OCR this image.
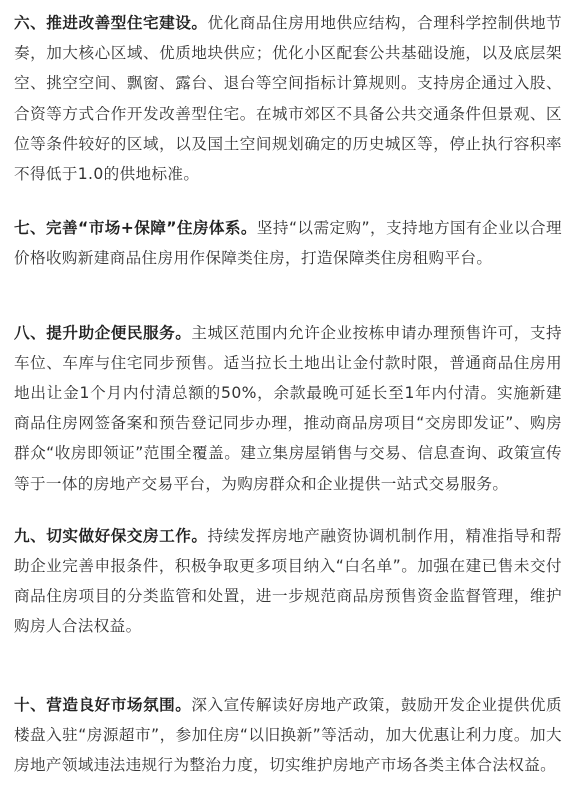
六、推进改善型住宅建设。优化商品住房用地供应结构，合理科学控制供地节奏，加大核心区域、优质地块供应；优化小区配套公共基础设施，以及底层架空、挑空空间、飘窗、露台、退台等空间指标计算规则。支持房企通过入股、合资等方式合作开发改善型住宅。在城市郊区不具备公共交通条件但景观、区位等条件较好的区域，以及国土空间规划确定的历史城区等，停止执行容积率不得低于1.0的供地标准。

七、完善“市场+保障”住房体系。坚持“以需定购”，支持地方国有企业以合理价格收购新建商品住房用作保障类住房，打造保障类住房租购平台。

八、提升助企便民服务。主城区范围内允许企业按栋申请办理预售许可，支持车位、车库与住宅同步预售。适当拉长土地出让金付款时限，普通商品住房用地出让金1个月内付清总额的50%，余款最晚可延长至1年内付清。实施新建商品住房网签备案和预告登记同步办理，推动商品房项目“交房即发证”、购房群众“收房即领证”范围全覆盖。建立集房屋销售与交易、信息查询、政策宣传等于一体的房地产交易平台，为购房群众和企业提供一站式交易服务。

九、切实做好保交房工作。持续发挥房地产融资协调机制作用，精准指导和帮助企业完善申报条件，积极争取更多项目纳入“白名单”。加强在建已售未交付商品住房项目的分类监管和处置，进一步规范商品房预售资金监督管理，维护购房人合法权益。

十、营造良好市场氛围。深入宣传解读好房地产政策，鼓励开发企业提供优质楼盘入驻“房源超市”，参加住房“以旧换新”等活动，加大优惠让利力度。加大房地产领域违法违规行为整治力度，切实维护房地产市场各类主体合法权益。
